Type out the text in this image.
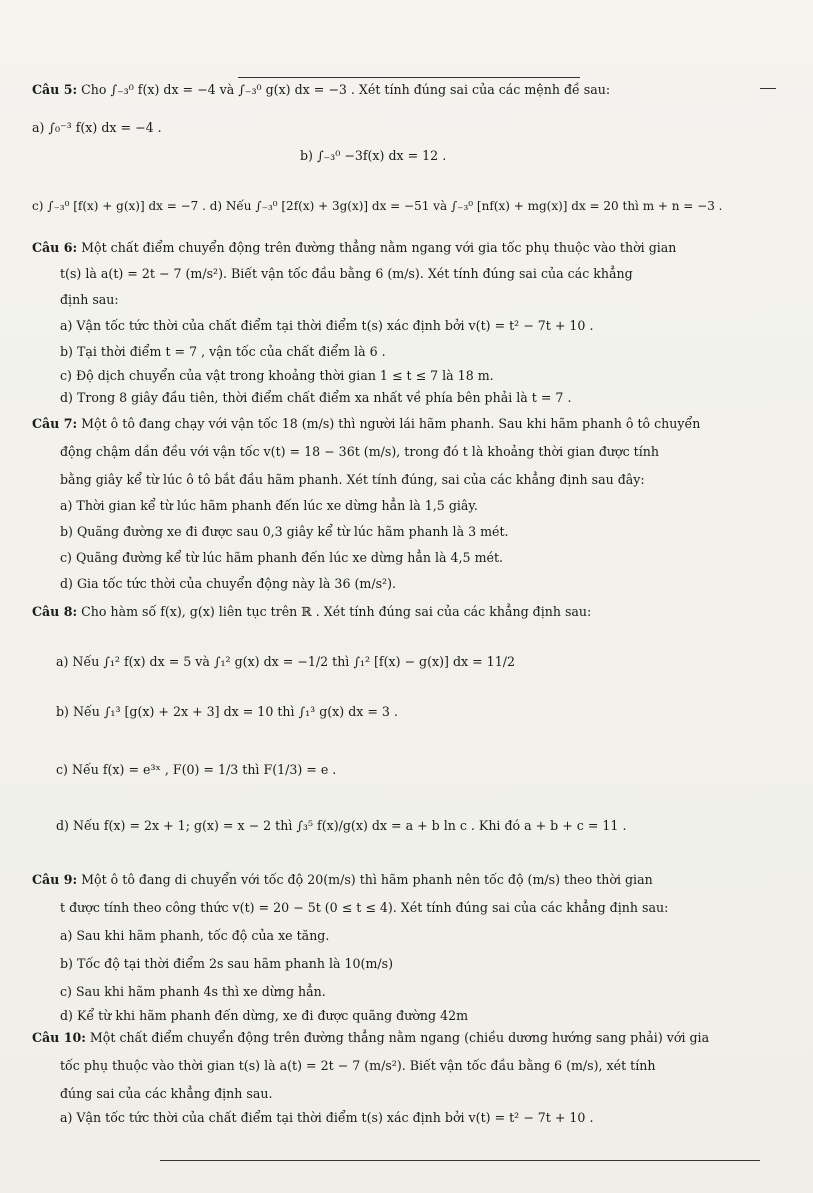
Câu 5: Cho ∫₋₃⁰ f(x) dx = −4 và ∫₋₃⁰ g(x) dx = −3 . Xét tính đúng sai của các mệnh đề sau:
a) ∫₀⁻³ f(x) dx = −4 .
b) ∫₋₃⁰ −3f(x) dx = 12 .
c) ∫₋₃⁰ [f(x) + g(x)] dx = −7 . d) Nếu ∫₋₃⁰ [2f(x) + 3g(x)] dx = −51 và ∫₋₃⁰ [nf(x) + mg(x)] dx = 20 thì m + n = −3 .
Câu 6: Một chất điểm chuyển động trên đường thẳng nằm ngang với gia tốc phụ thuộc vào thời gian
t(s) là a(t) = 2t − 7 (m/s²). Biết vận tốc đầu bằng 6 (m/s). Xét tính đúng sai của các khẳng
định sau:
a) Vận tốc tức thời của chất điểm tại thời điểm t(s) xác định bởi v(t) = t² − 7t + 10 .
b) Tại thời điểm t = 7 , vận tốc của chất điểm là 6 .
c) Độ dịch chuyển của vật trong khoảng thời gian 1 ≤ t ≤ 7 là 18 m.
d) Trong 8 giây đầu tiên, thời điểm chất điểm xa nhất về phía bên phải là t = 7 .
Câu 7: Một ô tô đang chạy với vận tốc 18 (m/s) thì người lái hãm phanh. Sau khi hãm phanh ô tô chuyển
động chậm dần đều với vận tốc v(t) = 18 − 36t (m/s), trong đó t là khoảng thời gian được tính
bằng giây kể từ lúc ô tô bắt đầu hãm phanh. Xét tính đúng, sai của các khẳng định sau đây:
a) Thời gian kể từ lúc hãm phanh đến lúc xe dừng hẳn là 1,5 giây.
b) Quãng đường xe đi được sau 0,3 giây kể từ lúc hãm phanh là 3 mét.
c) Quãng đường kể từ lúc hãm phanh đến lúc xe dừng hẳn là 4,5 mét.
d) Gia tốc tức thời của chuyển động này là 36 (m/s²).
Câu 8: Cho hàm số f(x), g(x) liên tục trên ℝ . Xét tính đúng sai của các khẳng định sau:
a) Nếu ∫₁² f(x) dx = 5 và ∫₁² g(x) dx = −1/2 thì ∫₁² [f(x) − g(x)] dx = 11/2
b) Nếu ∫₁³ [g(x) + 2x + 3] dx = 10 thì ∫₁³ g(x) dx = 3 .
c) Nếu f(x) = e³ˣ , F(0) = 1/3 thì F(1/3) = e .
d) Nếu f(x) = 2x + 1; g(x) = x − 2 thì ∫₃⁵ f(x)/g(x) dx = a + b ln c . Khi đó a + b + c = 11 .
Câu 9: Một ô tô đang di chuyển với tốc độ 20(m/s) thì hãm phanh nên tốc độ (m/s) theo thời gian
t được tính theo công thức v(t) = 20 − 5t (0 ≤ t ≤ 4). Xét tính đúng sai của các khẳng định sau:
a) Sau khi hãm phanh, tốc độ của xe tăng.
b) Tốc độ tại thời điểm 2s sau hãm phanh là 10(m/s)
c) Sau khi hãm phanh 4s thì xe dừng hẳn.
d) Kể từ khi hãm phanh đến dừng, xe đi được quãng đường 42m
Câu 10: Một chất điểm chuyển động trên đường thẳng nằm ngang (chiều dương hướng sang phải) với gia
tốc phụ thuộc vào thời gian t(s) là a(t) = 2t − 7 (m/s²). Biết vận tốc đầu bằng 6 (m/s), xét tính
đúng sai của các khẳng định sau.
a) Vận tốc tức thời của chất điểm tại thời điểm t(s) xác định bởi v(t) = t² − 7t + 10 .
